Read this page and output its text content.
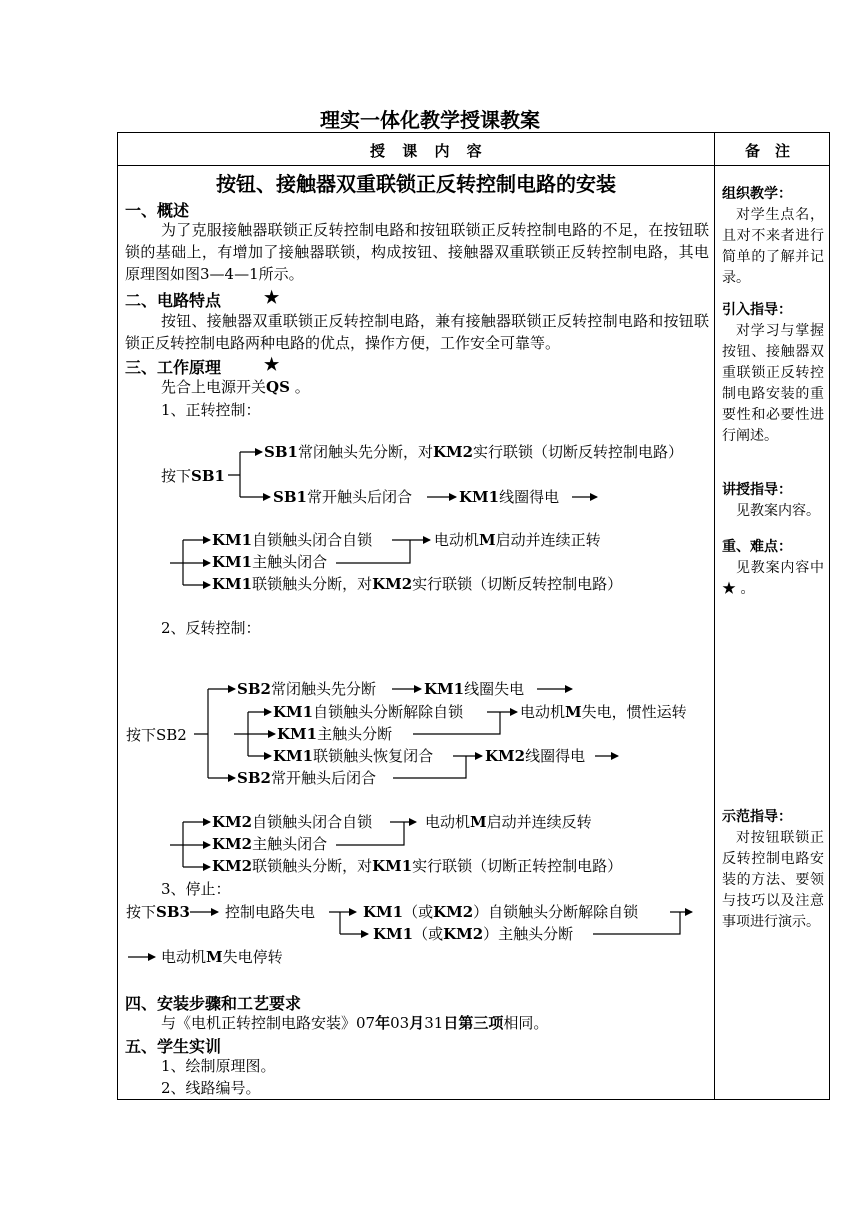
理实一体化教学授课教案
授 课 内 容	备　注
按钮、接触器双重联锁正反转控制电路的安装
一、概述
为了克服接触器联锁正反转控制电路和按钮联锁正反转控制电路的不足，在按钮联锁的基础上，有增加了接触器联锁，构成按钮、接触器双重联锁正反转控制电路，其电原理图如图3—4—1所示。
二、电路特点	★
按钮、接触器双重联锁正反转控制电路，兼有接触器联锁正反转控制电路和按钮联锁正反转控制电路两种电路的优点，操作方便，工作安全可靠等。
三、工作原理	★
先合上电源开关QS 。
1、正转控制：
按下SB1
SB1常闭触头先分断，对KM2实行联锁（切断反转控制电路）
SB1常开触头后闭合	KM1线圈得电
KM1自锁触头闭合自锁	电动机M启动并连续正转
KM1主触头闭合
KM1联锁触头分断，对KM2实行联锁（切断反转控制电路）
2、反转控制：
按下SB2
SB2常闭触头先分断	KM1线圈失电
KM1自锁触头分断解除自锁	电动机M失电，惯性运转
KM1主触头分断
KM1联锁触头恢复闭合	KM2线圈得电
SB2常开触头后闭合
KM2自锁触头闭合自锁	电动机M启动并连续反转
KM2主触头闭合
KM2联锁触头分断，对KM1实行联锁（切断正转控制电路）
3、停止：
按下SB3 控制电路失电	KM1（或KM2）自锁触头分断解除自锁
KM1（或KM2）主触头分断
电动机M失电停转
四、安装步骤和工艺要求
与《电机正转控制电路安装》07年03月31日第三项相同。
五、学生实训
1、绘制原理图。
2、线路编号。
组织教学：
对学生点名，且对不来者进行简单的了解并记录。
引入指导：
对学习与掌握按钮、接触器双重联锁正反转控制电路安装的重要性和必要性进行阐述。
讲授指导：
见教案内容。
重、难点：
见教案内容中 ★ 。
示范指导：
对按钮联锁正反转控制电路安装的方法、要领与技巧以及注意事项进行演示。
